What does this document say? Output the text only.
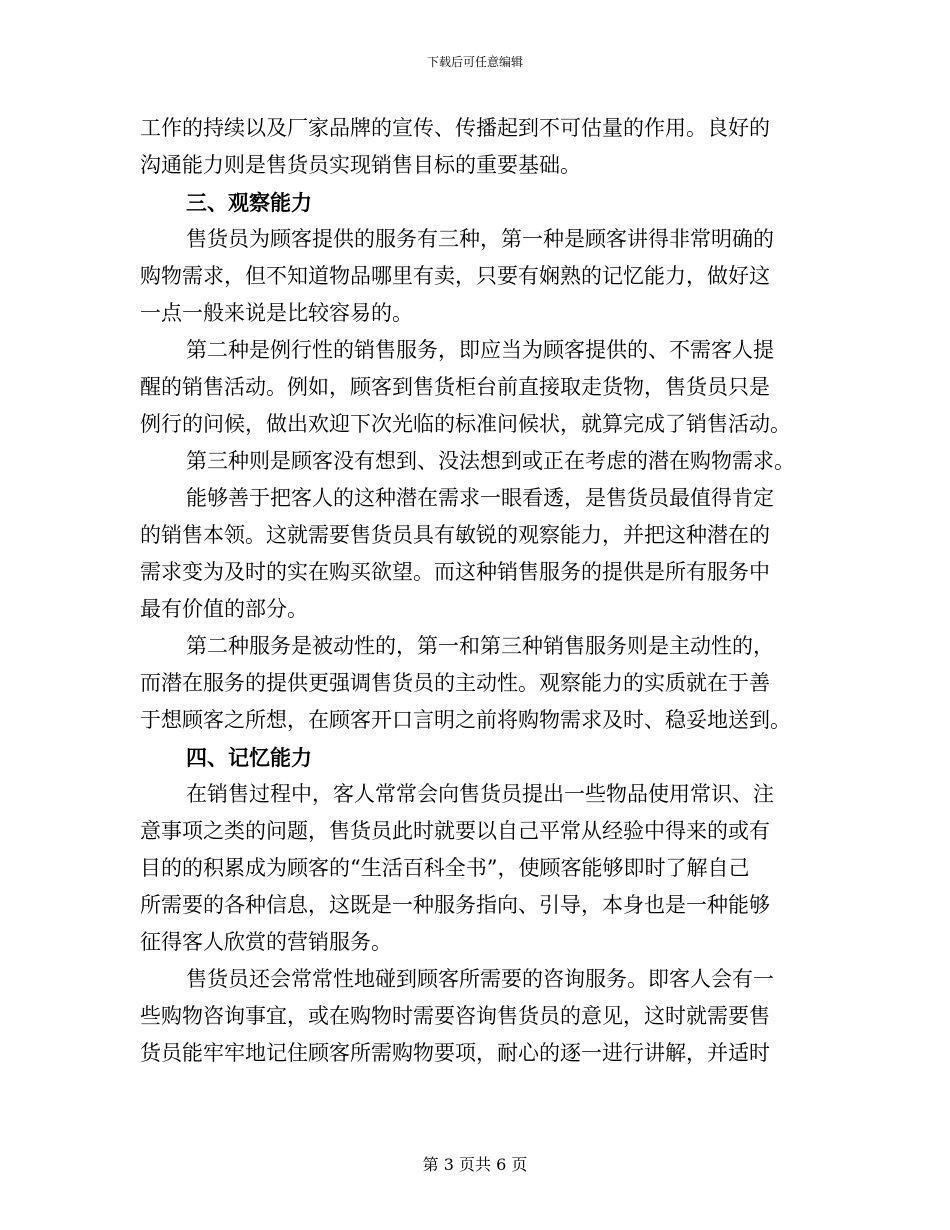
下载后可任意编辑
工作的持续以及厂家品牌的宣传、传播起到不可估量的作用。良好的
沟通能力则是售货员实现销售目标的重要基础。
三、观察能力
售货员为顾客提供的服务有三种，第一种是顾客讲得非常明确的
购物需求，但不知道物品哪里有卖，只要有娴熟的记忆能力，做好这
一点一般来说是比较容易的。
第二种是例行性的销售服务，即应当为顾客提供的、不需客人提
醒的销售活动。例如，顾客到售货柜台前直接取走货物，售货员只是
例行的问候，做出欢迎下次光临的标准问候状，就算完成了销售活动。
第三种则是顾客没有想到、没法想到或正在考虑的潜在购物需求。
能够善于把客人的这种潜在需求一眼看透，是售货员最值得肯定
的销售本领。这就需要售货员具有敏锐的观察能力，并把这种潜在的
需求变为及时的实在购买欲望。而这种销售服务的提供是所有服务中
最有价值的部分。
第二种服务是被动性的，第一和第三种销售服务则是主动性的，
而潜在服务的提供更强调售货员的主动性。观察能力的实质就在于善
于想顾客之所想，在顾客开口言明之前将购物需求及时、稳妥地送到。
四、记忆能力
在销售过程中，客人常常会向售货员提出一些物品使用常识、注
意事项之类的问题，售货员此时就要以自己平常从经验中得来的或有
目的的积累成为顾客的“生活百科全书”，使顾客能够即时了解自己
所需要的各种信息，这既是一种服务指向、引导，本身也是一种能够
征得客人欣赏的营销服务。
售货员还会常常性地碰到顾客所需要的咨询服务。即客人会有一
些购物咨询事宜，或在购物时需要咨询售货员的意见，这时就需要售
货员能牢牢地记住顾客所需购物要项，耐心的逐一进行讲解，并适时
第 3 页共 6 页
